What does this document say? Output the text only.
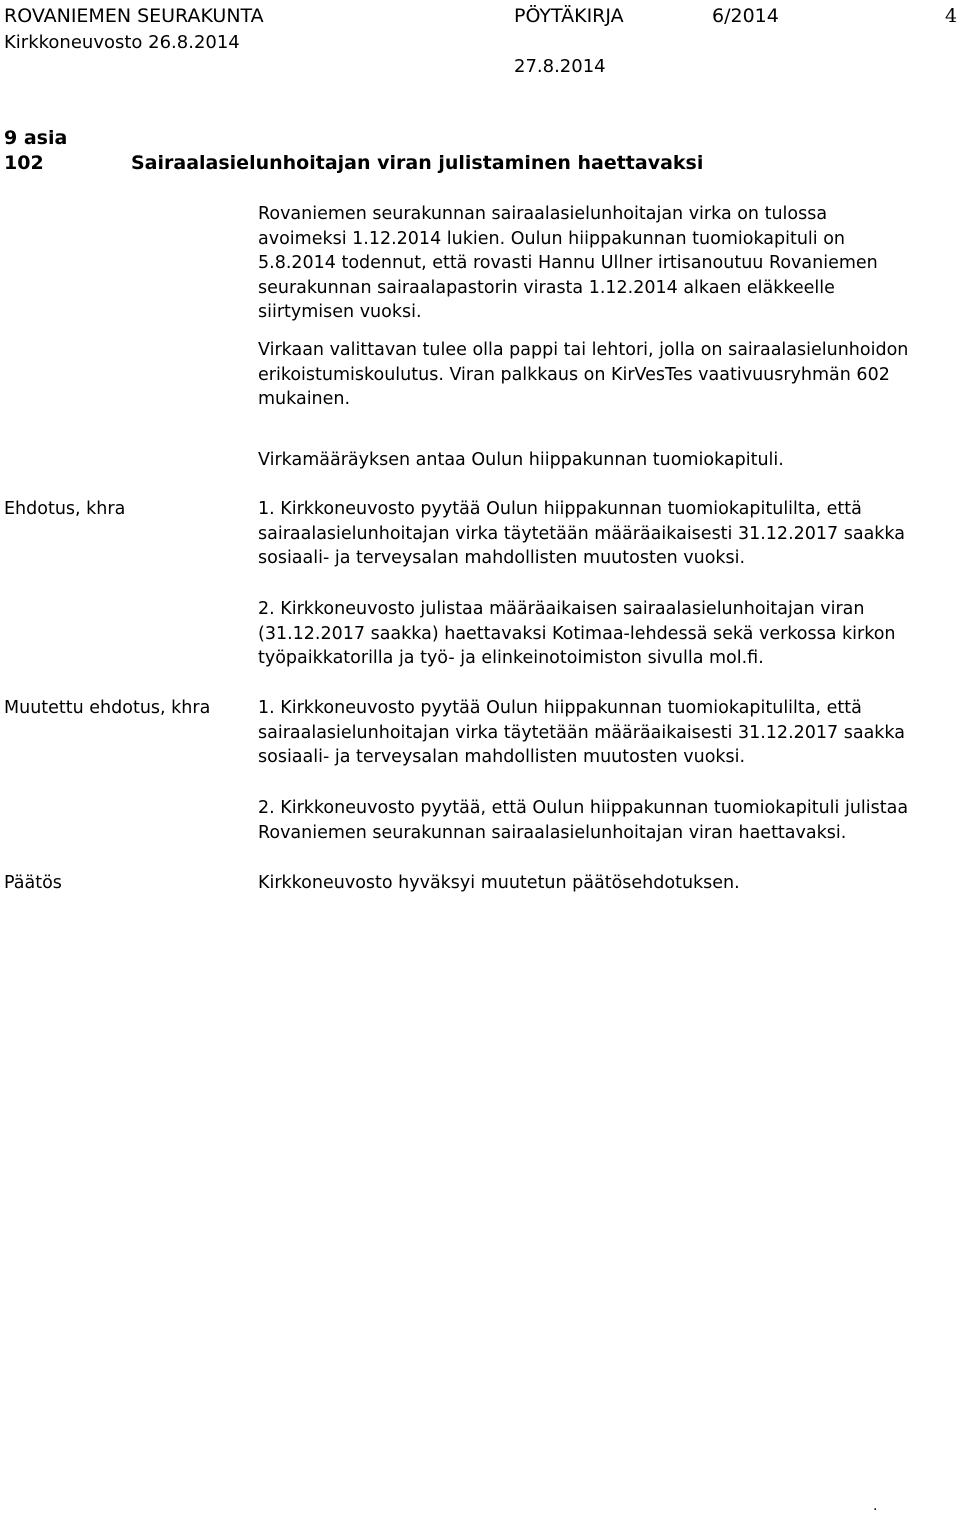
ROVANIEMEN SEURAKUNTA	PÖYTÄKIRJA	6/2014	4
Kirkkoneuvosto 26.8.2014
27.8.2014
9 asia
102	Sairaalasielunhoitajan viran julistaminen haettavaksi
Rovaniemen seurakunnan sairaalasielunhoitajan virka on tulossa
avoimeksi 1.12.2014 lukien. Oulun hiippakunnan tuomiokapituli on
5.8.2014 todennut, että rovasti Hannu Ullner irtisanoutuu Rovaniemen
seurakunnan sairaalapastorin virasta 1.12.2014 alkaen eläkkeelle
siirtymisen vuoksi.
Virkaan valittavan tulee olla pappi tai lehtori, jolla on sairaalasielunhoidon
erikoistumiskoulutus. Viran palkkaus on KirVesTes vaativuusryhmän 602
mukainen.
Virkamääräyksen antaa Oulun hiippakunnan tuomiokapituli.
Ehdotus, khra	1. Kirkkoneuvosto pyytää Oulun hiippakunnan tuomiokapitulilta, että
sairaalasielunhoitajan virka täytetään määräaikaisesti 31.12.2017 saakka
sosiaali- ja terveysalan mahdollisten muutosten vuoksi.
2. Kirkkoneuvosto julistaa määräaikaisen sairaalasielunhoitajan viran
(31.12.2017 saakka) haettavaksi Kotimaa-lehdessä sekä verkossa kirkon
työpaikkatorilla ja työ- ja elinkeinotoimiston sivulla mol.fi.
Muutettu ehdotus, khra	1. Kirkkoneuvosto pyytää Oulun hiippakunnan tuomiokapitulilta, että
sairaalasielunhoitajan virka täytetään määräaikaisesti 31.12.2017 saakka
sosiaali- ja terveysalan mahdollisten muutosten vuoksi.
2. Kirkkoneuvosto pyytää, että Oulun hiippakunnan tuomiokapituli julistaa
Rovaniemen seurakunnan sairaalasielunhoitajan viran haettavaksi.
Päätös	Kirkkoneuvosto hyväksyi muutetun päätösehdotuksen.
.
